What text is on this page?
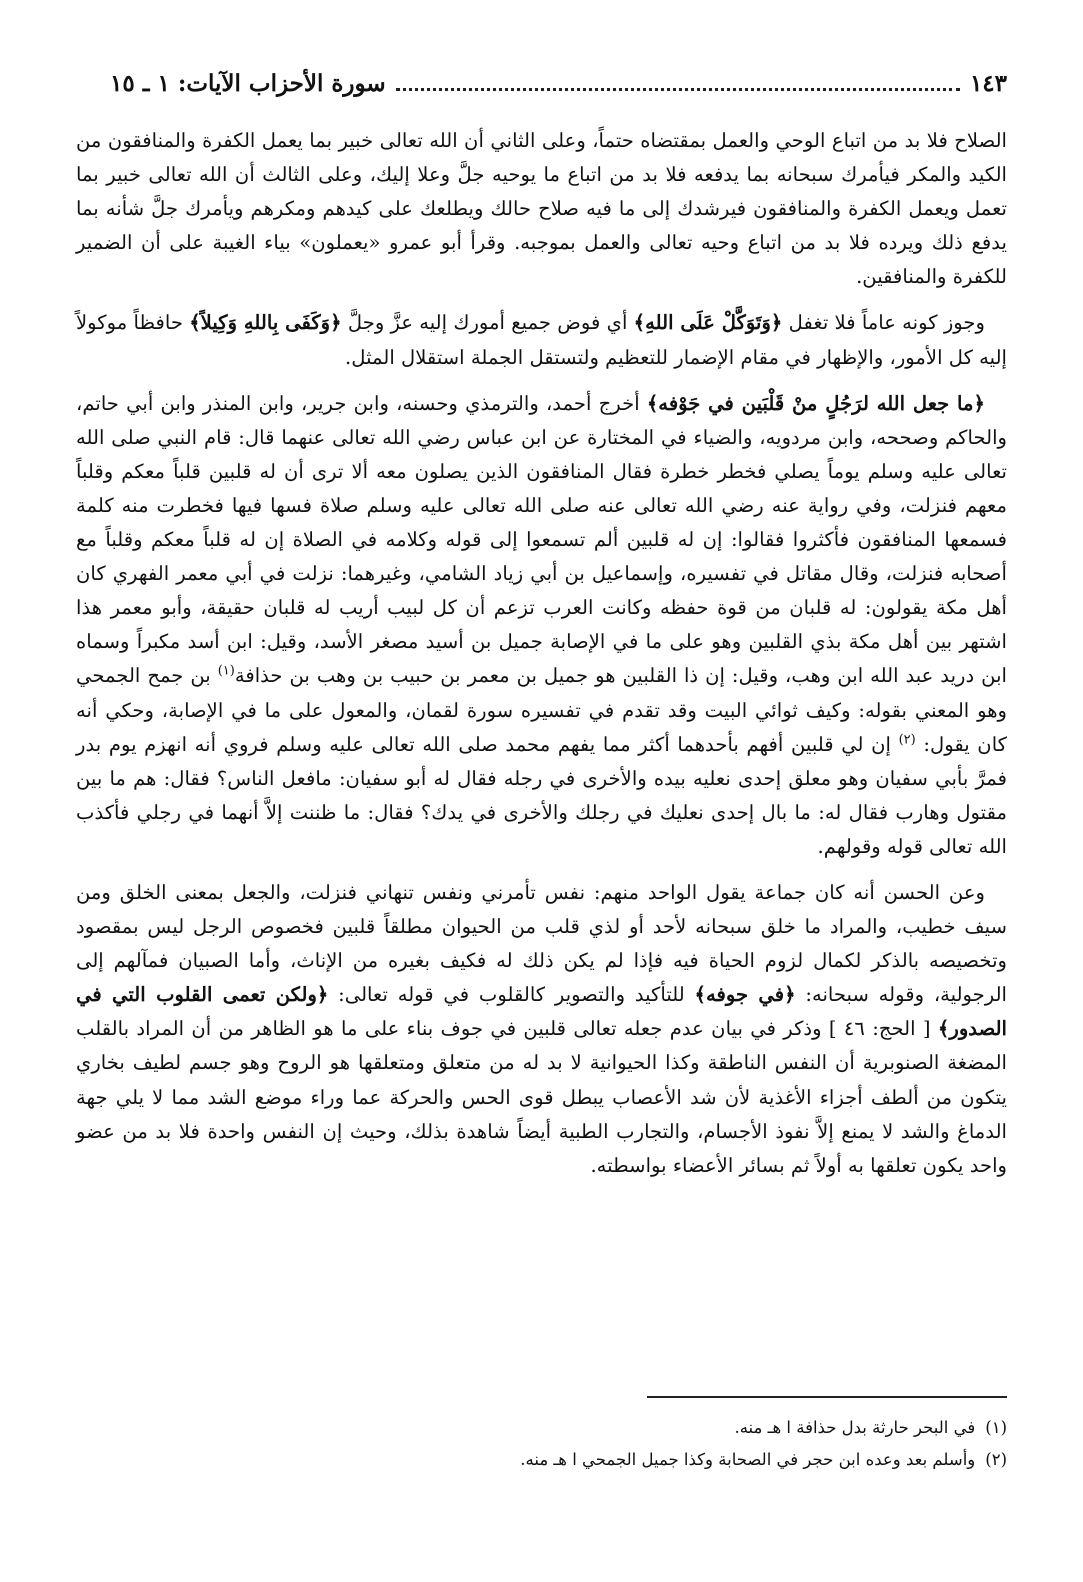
سورة الأحزاب الآيات: ١ ـ ١٥	١٤٣

الصلاح فلا بد من اتباع الوحي والعمل بمقتضاه حتماً، وعلى الثاني أن الله تعالى خبير بما يعمل الكفرة والمنافقون من الكيد والمكر فيأمرك سبحانه بما يدفعه فلا بد من اتباع ما يوحيه جلَّ وعلا إليك، وعلى الثالث أن الله تعالى خبير بما تعمل ويعمل الكفرة والمنافقون فيرشدك إلى ما فيه صلاح حالك ويطلعك على كيدهم ومكرهم ويأمرك جلَّ شأنه بما يدفع ذلك ويرده فلا بد من اتباع وحيه تعالى والعمل بموجبه. وقرأ أبو عمرو «يعملون» بياء الغيبة على أن الضمير للكفرة والمنافقين.

وجوز كونه عاماً فلا تغفل ﴿وَتَوَكَّلْ عَلَى اللهِ﴾ أي فوض جميع أمورك إليه عزَّ وجلَّ ﴿وَكَفَى بِاللهِ وَكِيلاً﴾ حافظاً موكولاً إليه كل الأمور، والإظهار في مقام الإضمار للتعظيم ولتستقل الجملة استقلال المثل.

﴿ما جعل الله لرَجُلٍ منْ قَلْبَين في جَوْفه﴾ أخرج أحمد، والترمذي وحسنه، وابن جرير، وابن المنذر وابن أبي حاتم، والحاكم وصححه، وابن مردويه، والضياء في المختارة عن ابن عباس رضي الله تعالى عنهما قال: قام النبي صلى الله تعالى عليه وسلم يوماً يصلي فخطر خطرة فقال المنافقون الذين يصلون معه ألا ترى أن له قلبين قلباً معكم وقلباً معهم فنزلت، وفي رواية عنه رضي الله تعالى عنه صلى الله تعالى عليه وسلم صلاة فسها فيها فخطرت منه كلمة فسمعها المنافقون فأكثروا فقالوا: إن له قلبين ألم تسمعوا إلى قوله وكلامه في الصلاة إن له قلباً معكم وقلباً مع أصحابه فنزلت، وقال مقاتل في تفسيره، وإسماعيل بن أبي زياد الشامي، وغيرهما: نزلت في أبي معمر الفهري كان أهل مكة يقولون: له قلبان من قوة حفظه وكانت العرب تزعم أن كل لبيب أريب له قلبان حقيقة، وأبو معمر هذا اشتهر بين أهل مكة بذي القلبين وهو على ما في الإصابة جميل بن أسيد مصغر الأسد، وقيل: ابن أسد مكبراً وسماه ابن دريد عبد الله ابن وهب، وقيل: إن ذا القلبين هو جميل بن معمر بن حبيب بن وهب بن حذافة$^{(١)}$ بن جمح الجمحي وهو المعني بقوله: وكيف ثوائي البيت وقد تقدم في تفسيره سورة لقمان، والمعول على ما في الإصابة، وحكي أنه كان يقول: $^{(٢)}$ إن لي قلبين أفهم بأحدهما أكثر مما يفهم محمد صلى الله تعالى عليه وسلم فروي أنه انهزم يوم بدر فمرَّ بأبي سفيان وهو معلق إحدى نعليه بيده والأخرى في رجله فقال له أبو سفيان: مافعل الناس؟ فقال: هم ما بين مقتول وهارب فقال له: ما بال إحدى نعليك في رجلك والأخرى في يدك؟ فقال: ما ظننت إلاَّ أنهما في رجلي فأكذب الله تعالى قوله وقولهم.

وعن الحسن أنه كان جماعة يقول الواحد منهم: نفس تأمرني ونفس تنهاني فنزلت، والجعل بمعنى الخلق ومن سيف خطيب، والمراد ما خلق سبحانه لأحد أو لذي قلب من الحيوان مطلقاً قلبين فخصوص الرجل ليس بمقصود وتخصيصه بالذكر لكمال لزوم الحياة فيه فإذا لم يكن ذلك له فكيف بغيره من الإناث، وأما الصبيان فمآلهم إلى الرجولية، وقوله سبحانه: ﴿في جوفه﴾ للتأكيد والتصوير كالقلوب في قوله تعالى: ﴿ولكن تعمى القلوب التي في الصدور﴾ [ الحج: ٤٦ ] وذكر في بيان عدم جعله تعالى قلبين في جوف بناء على ما هو الظاهر من أن المراد بالقلب المضغة الصنوبرية أن النفس الناطقة وكذا الحيوانية لا بد له من متعلق ومتعلقها هو الروح وهو جسم لطيف بخاري يتكون من ألطف أجزاء الأغذية لأن شد الأعصاب يبطل قوى الحس والحركة عما وراء موضع الشد مما لا يلي جهة الدماغ والشد لا يمنع إلاَّ نفوذ الأجسام، والتجارب الطبية أيضاً شاهدة بذلك، وحيث إن النفس واحدة فلا بد من عضو واحد يكون تعلقها به أولاً ثم بسائر الأعضاء بواسطته.

(١)
في البحر حارثة بدل حذافة ا هـ منه.
(٢)
وأسلم بعد وعده ابن حجر في الصحابة وكذا جميل الجمحي ا هـ منه.
